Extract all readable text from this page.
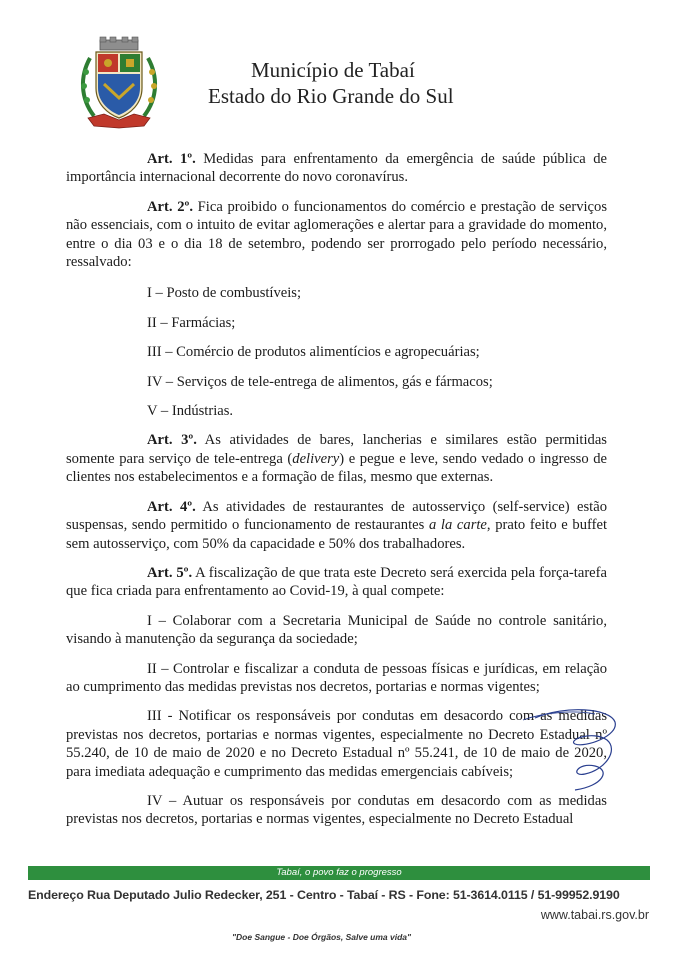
Município de Tabaí
Estado do Rio Grande do Sul

Art. 1º. Medidas para enfrentamento da emergência de saúde pública de importância internacional decorrente do novo coronavírus.

Art. 2º. Fica proibido o funcionamentos do comércio e prestação de serviços não essenciais, com o intuito de evitar aglomerações e alertar para a gravidade do momento, entre o dia 03 e o dia 18 de setembro, podendo ser prorrogado pelo período necessário, ressalvado:

I – Posto de combustíveis;

II – Farmácias;

III – Comércio de produtos alimentícios e agropecuárias;

IV – Serviços de tele-entrega de alimentos, gás e fármacos;

V – Indústrias.

Art. 3º. As atividades de bares, lancherias e similares estão permitidas somente para serviço de tele-entrega (delivery) e pegue e leve, sendo vedado o ingresso de clientes nos estabelecimentos e a formação de filas, mesmo que externas.

Art. 4º. As atividades de restaurantes de autosserviço (self-service) estão suspensas, sendo permitido o funcionamento de restaurantes a la carte, prato feito e buffet sem autosserviço, com 50% da capacidade e 50% dos trabalhadores.

Art. 5º. A fiscalização de que trata este Decreto será exercida pela força-tarefa que fica criada para enfrentamento ao Covid-19, à qual compete:

I – Colaborar com a Secretaria Municipal de Saúde no controle sanitário, visando à manutenção da segurança da sociedade;

II – Controlar e fiscalizar a conduta de pessoas físicas e jurídicas, em relação ao cumprimento das medidas previstas nos decretos, portarias e normas vigentes;

III - Notificar os responsáveis por condutas em desacordo com as medidas previstas nos decretos, portarias e normas vigentes, especialmente no Decreto Estadual nº 55.240, de 10 de maio de 2020 e no Decreto Estadual nº 55.241, de 10 de maio de 2020, para imediata adequação e cumprimento das medidas emergenciais cabíveis;

IV – Autuar os responsáveis por condutas em desacordo com as medidas previstas nos decretos, portarias e normas vigentes, especialmente no Decreto Estadual

Tabaí, o povo faz o progresso
Endereço Rua Deputado Julio Redecker, 251 - Centro - Tabaí - RS - Fone: 51-3614.0115 / 51-99952.9190
www.tabai.rs.gov.br
"Doe Sangue - Doe Órgãos, Salve uma vida"
